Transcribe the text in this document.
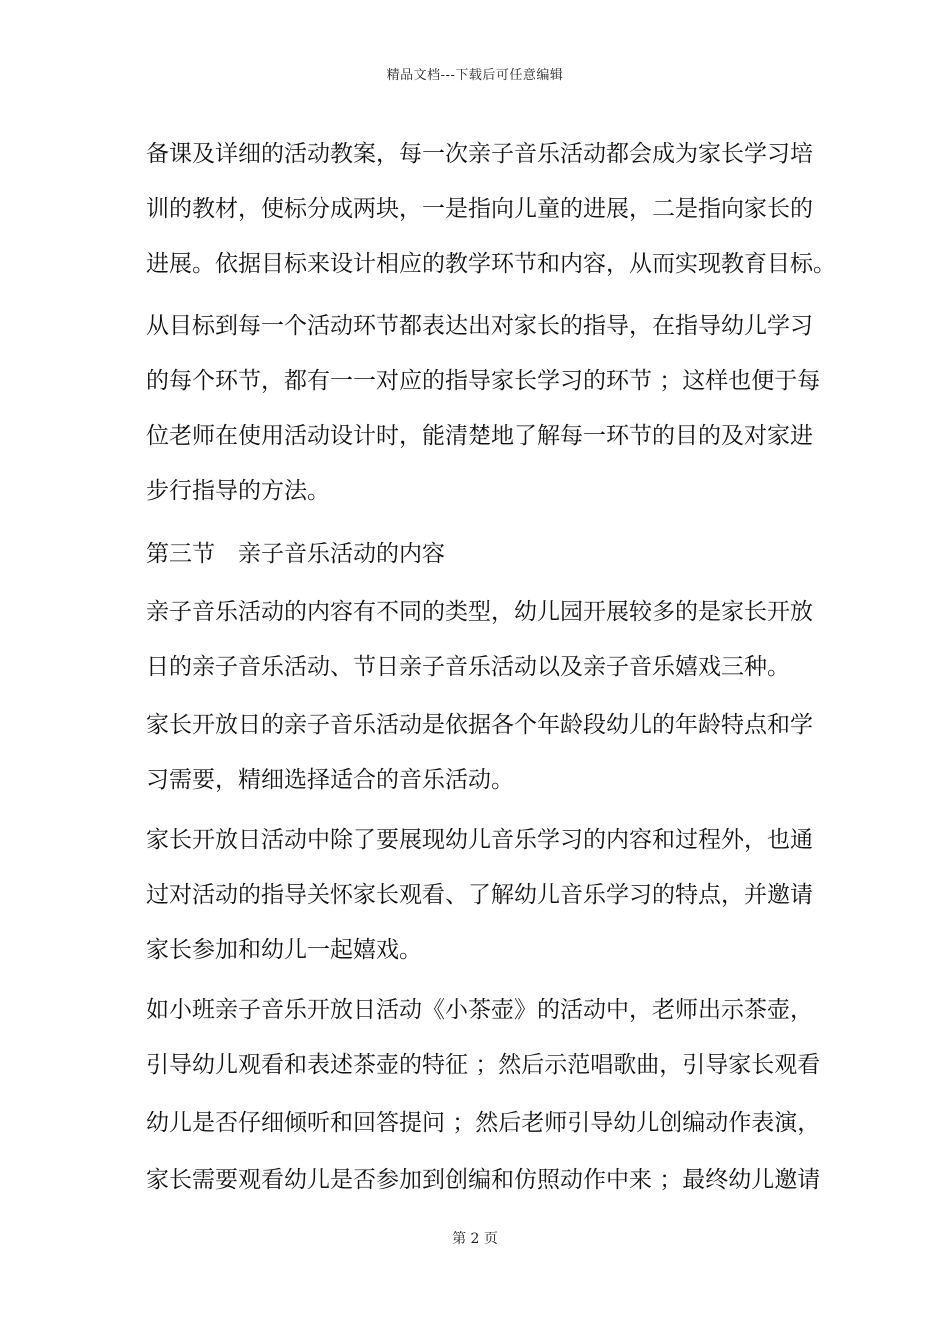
精品文档---下载后可任意编辑
备课及详细的活动教案，每一次亲子音乐活动都会成为家长学习培
训的教材，使标分成两块，一是指向儿童的进展，二是指向家长的
进展。依据目标来设计相应的教学环节和内容，从而实现教育目标。
从目标到每一个活动环节都表达出对家长的指导，在指导幼儿学习
的每个环节，都有一一对应的指导家长学习的环节 ；这样也便于每
位老师在使用活动设计时，能清楚地了解每一环节的目的及对家进
步行指导的方法。
第三节　亲子音乐活动的内容
亲子音乐活动的内容有不同的类型，幼儿园开展较多的是家长开放
日的亲子音乐活动、节日亲子音乐活动以及亲子音乐嬉戏三种。
家长开放日的亲子音乐活动是依据各个年龄段幼儿的年龄特点和学
习需要，精细选择适合的音乐活动。
家长开放日活动中除了要展现幼儿音乐学习的内容和过程外，也通
过对活动的指导关怀家长观看、了解幼儿音乐学习的特点，并邀请
家长参加和幼儿一起嬉戏。
如小班亲子音乐开放日活动《小茶壶》的活动中，老师出示茶壶，
引导幼儿观看和表述茶壶的特征 ；然后示范唱歌曲，引导家长观看
幼儿是否仔细倾听和回答提问 ；然后老师引导幼儿创编动作表演，
家长需要观看幼儿是否参加到创编和仿照动作中来 ；最终幼儿邀请
第 2 页
